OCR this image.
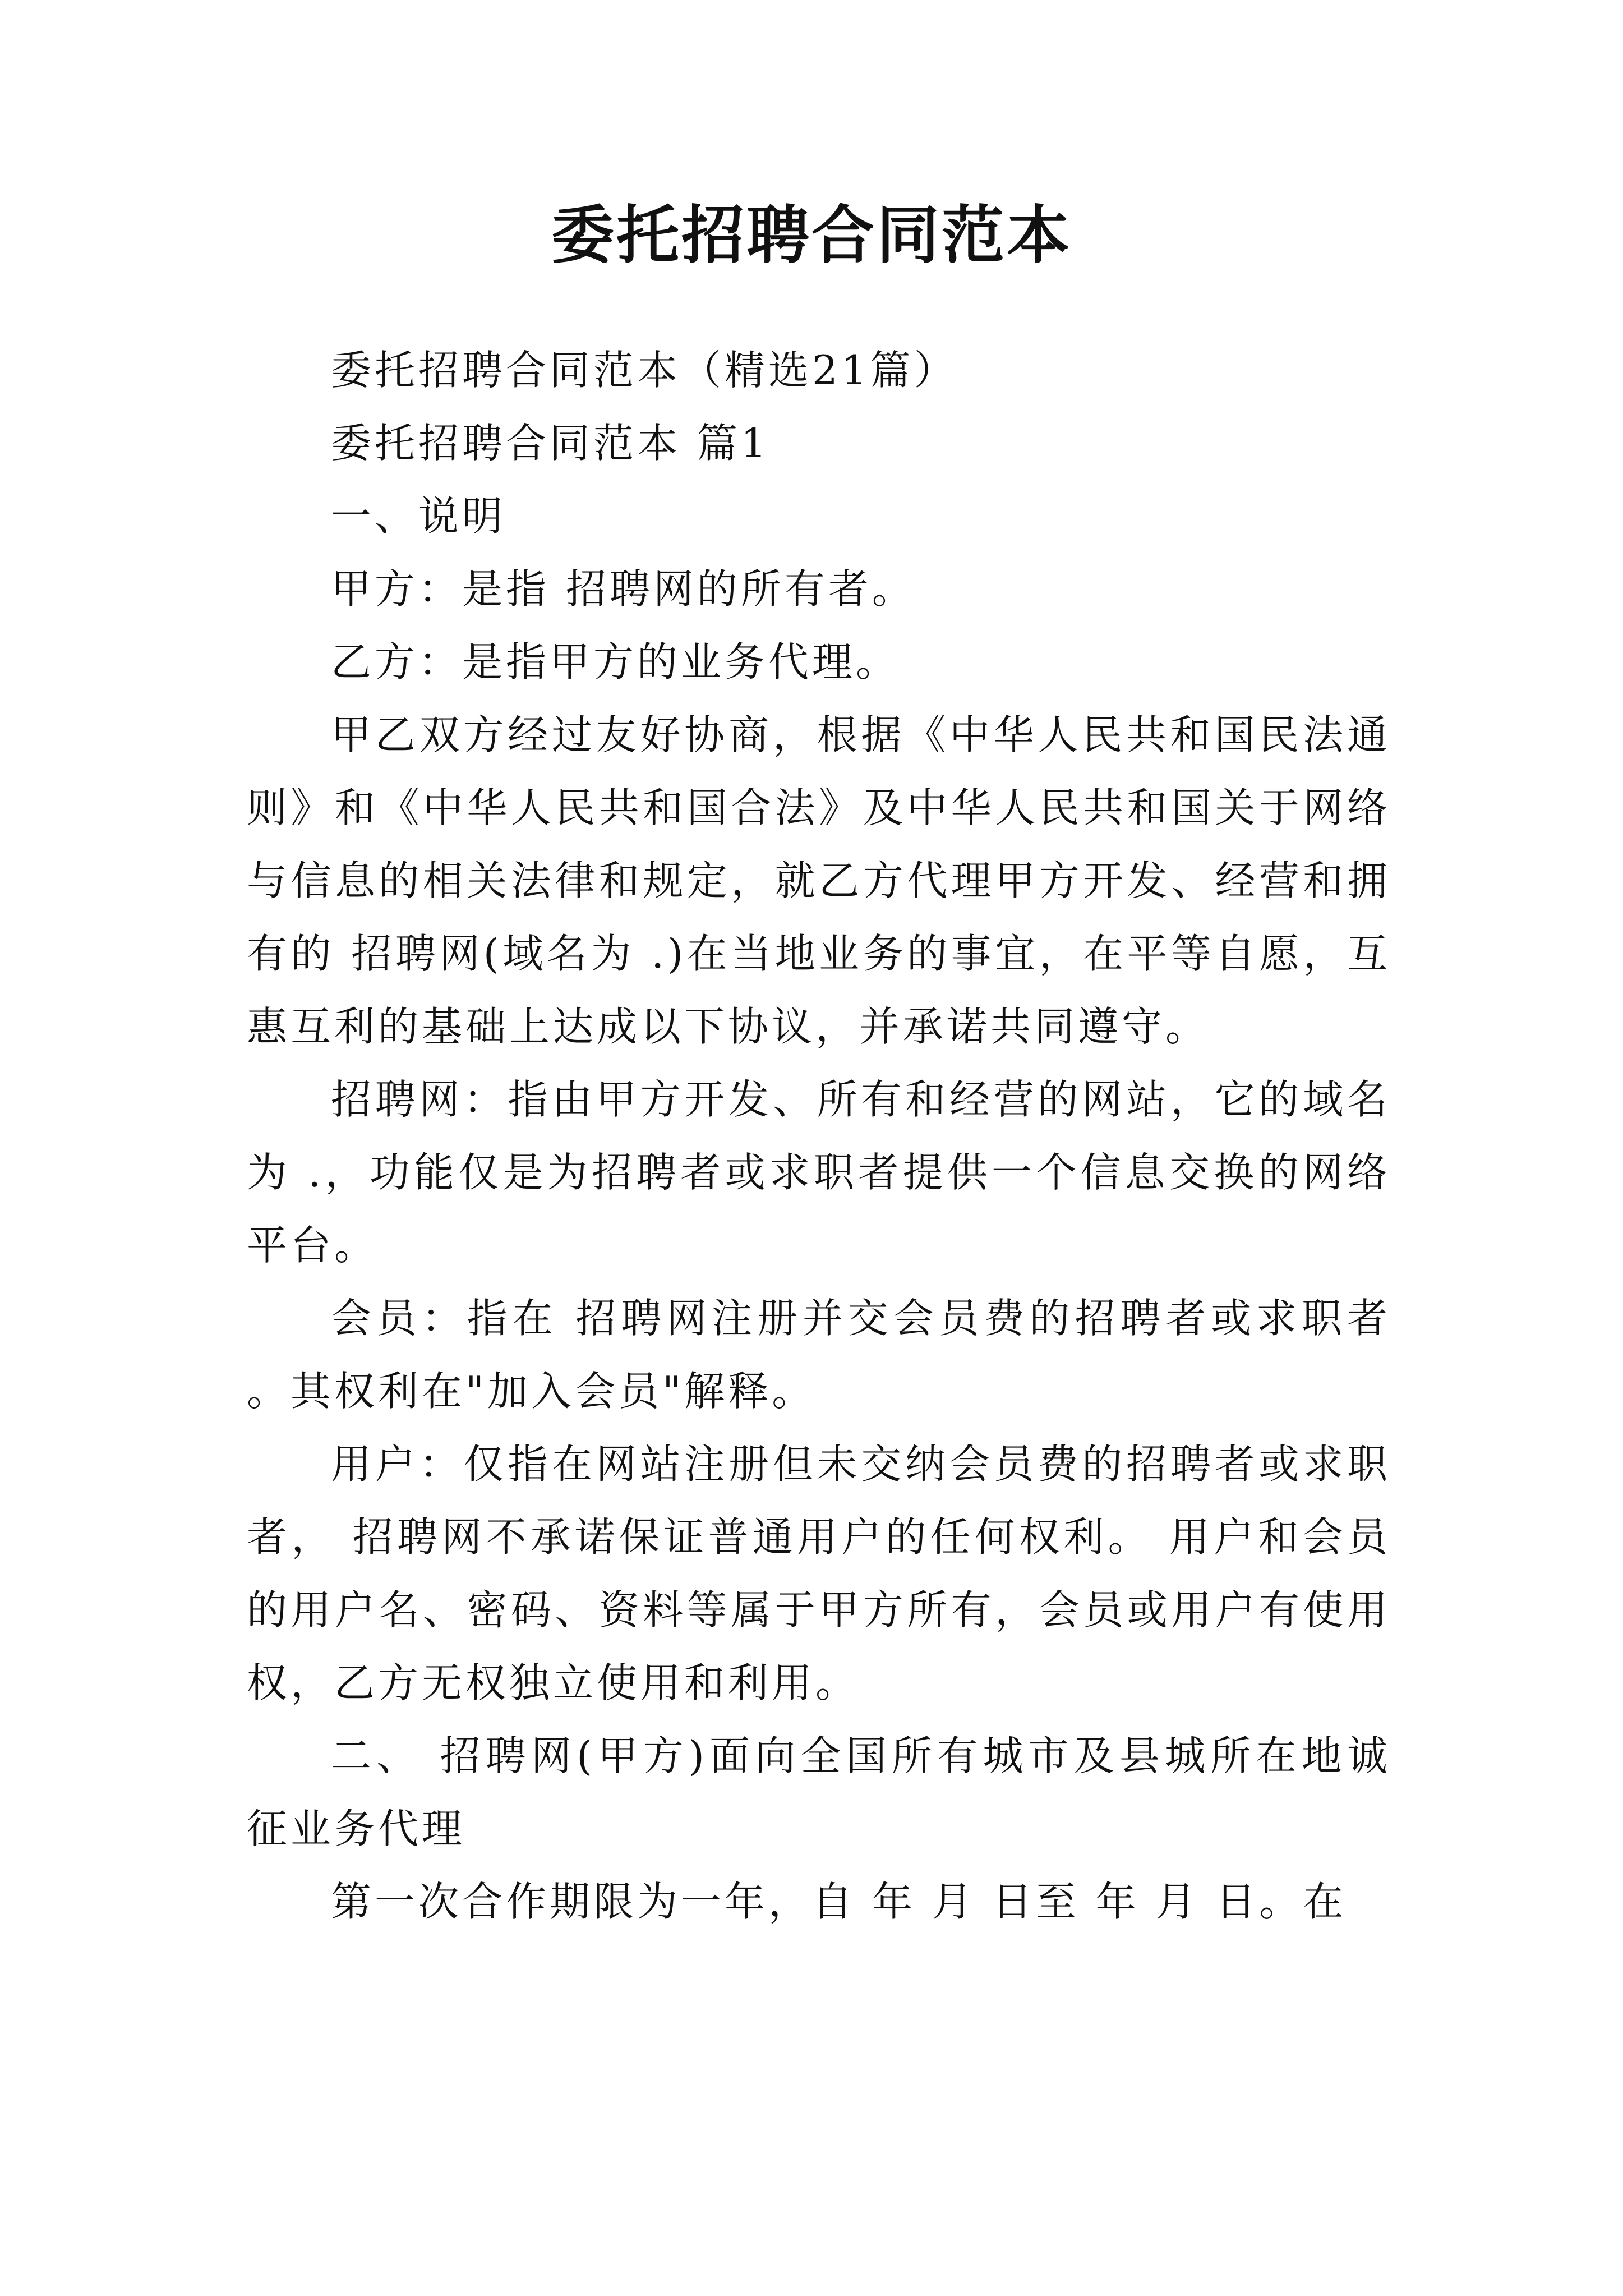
委托招聘合同范本

委托招聘合同范本（精选21篇）

委托招聘合同范本 篇1

一、说明

甲方：是指 招聘网的所有者。

乙方：是指甲方的业务代理。

甲乙双方经过友好协商，根据《中华人民共和国民法通则》和《中华人民共和国合法》及中华人民共和国关于网络与信息的相关法律和规定，就乙方代理甲方开发、经营和拥有的 招聘网(域名为 .)在当地业务的事宜，在平等自愿，互惠互利的基础上达成以下协议，并承诺共同遵守。

招聘网：指由甲方开发、所有和经营的网站，它的域名为 .，功能仅是为招聘者或求职者提供一个信息交换的网络平台。

会员：指在 招聘网注册并交会员费的招聘者或求职者。其权利在"加入会员"解释。

用户：仅指在网站注册但未交纳会员费的招聘者或求职者， 招聘网不承诺保证普通用户的任何权利。 用户和会员的用户名、密码、资料等属于甲方所有，会员或用户有使用权，乙方无权独立使用和利用。

二、 招聘网(甲方)面向全国所有城市及县城所在地诚征业务代理

第一次合作期限为一年，自 年 月 日至 年 月 日。在
